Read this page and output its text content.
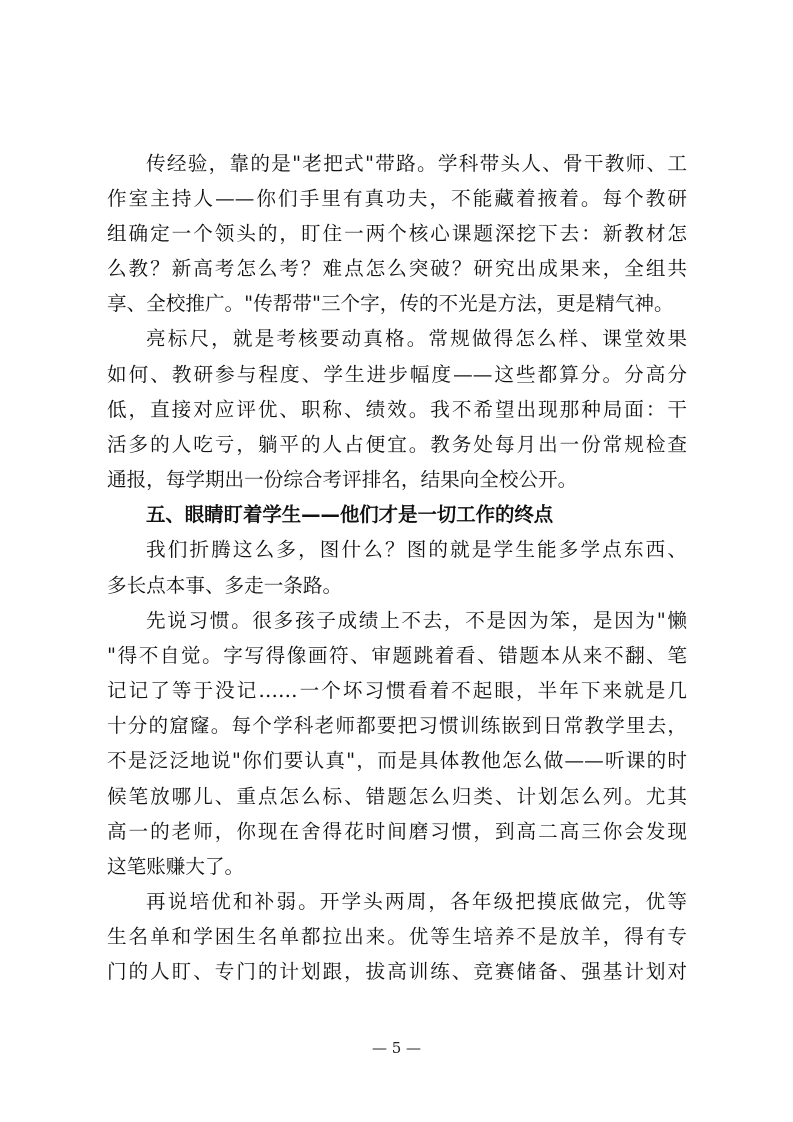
传经验，靠的是"老把式"带路。学科带头人、骨干教师、工
作室主持人——你们手里有真功夫，不能藏着掖着。每个教研
组确定一个领头的，盯住一两个核心课题深挖下去：新教材怎
么教？新高考怎么考？难点怎么突破？研究出成果来，全组共
享、全校推广。"传帮带"三个字，传的不光是方法，更是精气神。
亮标尺，就是考核要动真格。常规做得怎么样、课堂效果
如何、教研参与程度、学生进步幅度——这些都算分。分高分
低，直接对应评优、职称、绩效。我不希望出现那种局面：干
活多的人吃亏，躺平的人占便宜。教务处每月出一份常规检查
通报，每学期出一份综合考评排名，结果向全校公开。
五、眼睛盯着学生——他们才是一切工作的终点
我们折腾这么多，图什么？图的就是学生能多学点东西、
多长点本事、多走一条路。
先说习惯。很多孩子成绩上不去，不是因为笨，是因为"懒
"得不自觉。字写得像画符、审题跳着看、错题本从来不翻、笔
记记了等于没记……一个坏习惯看着不起眼，半年下来就是几
十分的窟窿。每个学科老师都要把习惯训练嵌到日常教学里去，
不是泛泛地说"你们要认真"，而是具体教他怎么做——听课的时
候笔放哪儿、重点怎么标、错题怎么归类、计划怎么列。尤其
高一的老师，你现在舍得花时间磨习惯，到高二高三你会发现
这笔账赚大了。
再说培优和补弱。开学头两周，各年级把摸底做完，优等
生名单和学困生名单都拉出来。优等生培养不是放羊，得有专
门的人盯、专门的计划跟，拔高训练、竞赛储备、强基计划对
— 5 —
